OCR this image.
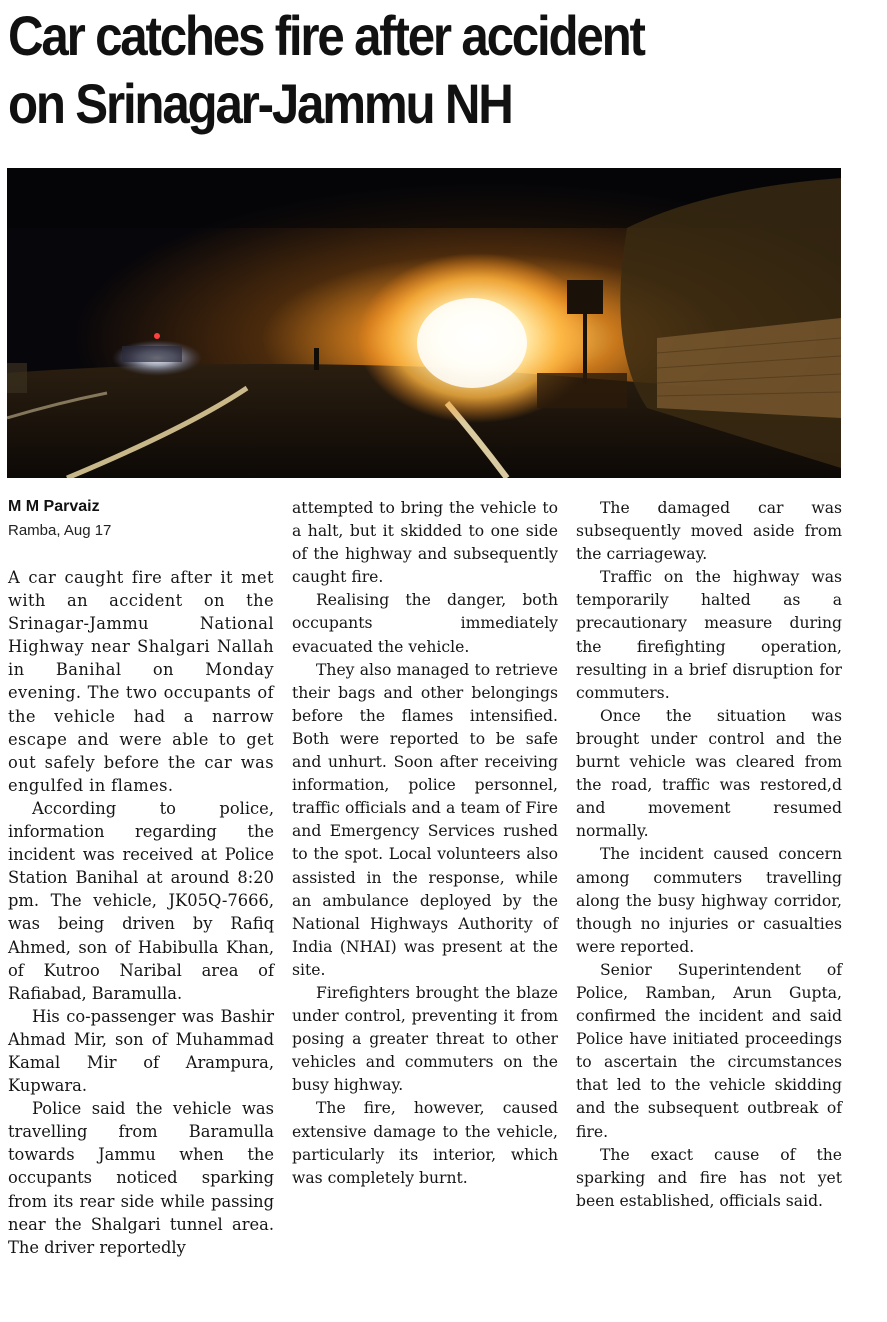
Car catches fire after accident
on Srinagar-Jammu NH
M M Parvaiz
Ramba, Aug 17

A car caught fire after it met with an accident on the Srinagar-Jammu National Highway near Shalgari Nallah in Banihal on Monday evening. The two occupants of the vehicle had a narrow escape and were able to get out safely before the car was engulfed in flames.

According to police, information regarding the incident was received at Police Station Banihal at around 8:20 pm. The vehicle, JK05Q-7666, was being driven by Rafiq Ahmed, son of Habibulla Khan, of Kutroo Naribal area of Rafiabad, Baramulla.

His co-passenger was Bashir Ahmad Mir, son of Muhammad Kamal Mir of Arampura, Kupwara.

Police said the vehicle was travelling from Baramulla towards Jammu when the occupants noticed sparking from its rear side while passing near the Shalgari tunnel area. The driver reportedly

attempted to bring the vehicle to a halt, but it skidded to one side of the highway and subsequently caught fire.

Realising the danger, both occupants immediately evacuated the vehicle.

They also managed to retrieve their bags and other belongings before the flames intensified. Both were reported to be safe and unhurt. Soon after receiving information, police personnel, traffic officials and a team of Fire and Emergency Services rushed to the spot. Local volunteers also assisted in the response, while an ambulance deployed by the National Highways Authority of India (NHAI) was present at the site.

Firefighters brought the blaze under control, preventing it from posing a greater threat to other vehicles and commuters on the busy highway.

The fire, however, caused extensive damage to the vehicle, particularly its interior, which was completely burnt.

The damaged car was subsequently moved aside from the carriageway.

Traffic on the highway was temporarily halted as a precautionary measure during the firefighting operation, resulting in a brief disruption for commuters.

Once the situation was brought under control and the burnt vehicle was cleared from the road, traffic was restored,d and movement resumed normally.

The incident caused concern among commuters travelling along the busy highway corridor, though no injuries or casualties were reported.

Senior Superintendent of Police, Ramban, Arun Gupta, confirmed the incident and said Police have initiated proceedings to ascertain the circumstances that led to the vehicle skidding and the subsequent outbreak of fire.

The exact cause of the sparking and fire has not yet been established, officials said.
